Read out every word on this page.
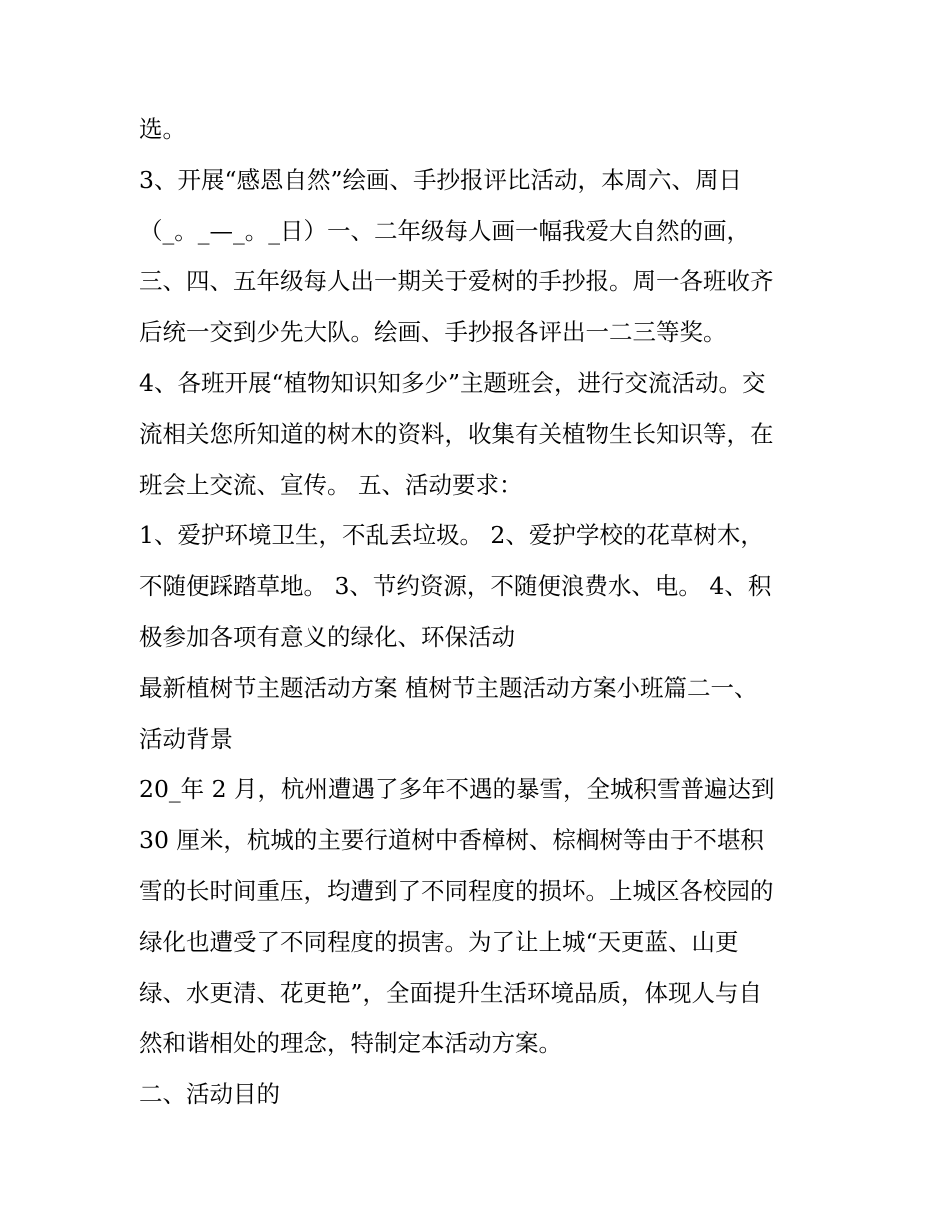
选。
3、开展“感恩自然”绘画、手抄报评比活动，本周六、周日
（_。_—_。_日）一、二年级每人画一幅我爱大自然的画，
三、四、五年级每人出一期关于爱树的手抄报。周一各班收齐
后统一交到少先大队。绘画、手抄报各评出一二三等奖。
4、各班开展“植物知识知多少”主题班会，进行交流活动。交
流相关您所知道的树木的资料，收集有关植物生长知识等，在
班会上交流、宣传。 五、活动要求：
1、爱护环境卫生，不乱丢垃圾。 2、爱护学校的花草树木，
不随便踩踏草地。 3、节约资源，不随便浪费水、电。 4、积
极参加各项有意义的绿化、环保活动
最新植树节主题活动方案 植树节主题活动方案小班篇二一、
活动背景
20_年 2 月，杭州遭遇了多年不遇的暴雪，全城积雪普遍达到
30 厘米，杭城的主要行道树中香樟树、棕榈树等由于不堪积
雪的长时间重压，均遭到了不同程度的损坏。上城区各校园的
绿化也遭受了不同程度的损害。为了让上城“天更蓝、山更
绿、水更清、花更艳”，全面提升生活环境品质，体现人与自
然和谐相处的理念，特制定本活动方案。
二、活动目的
